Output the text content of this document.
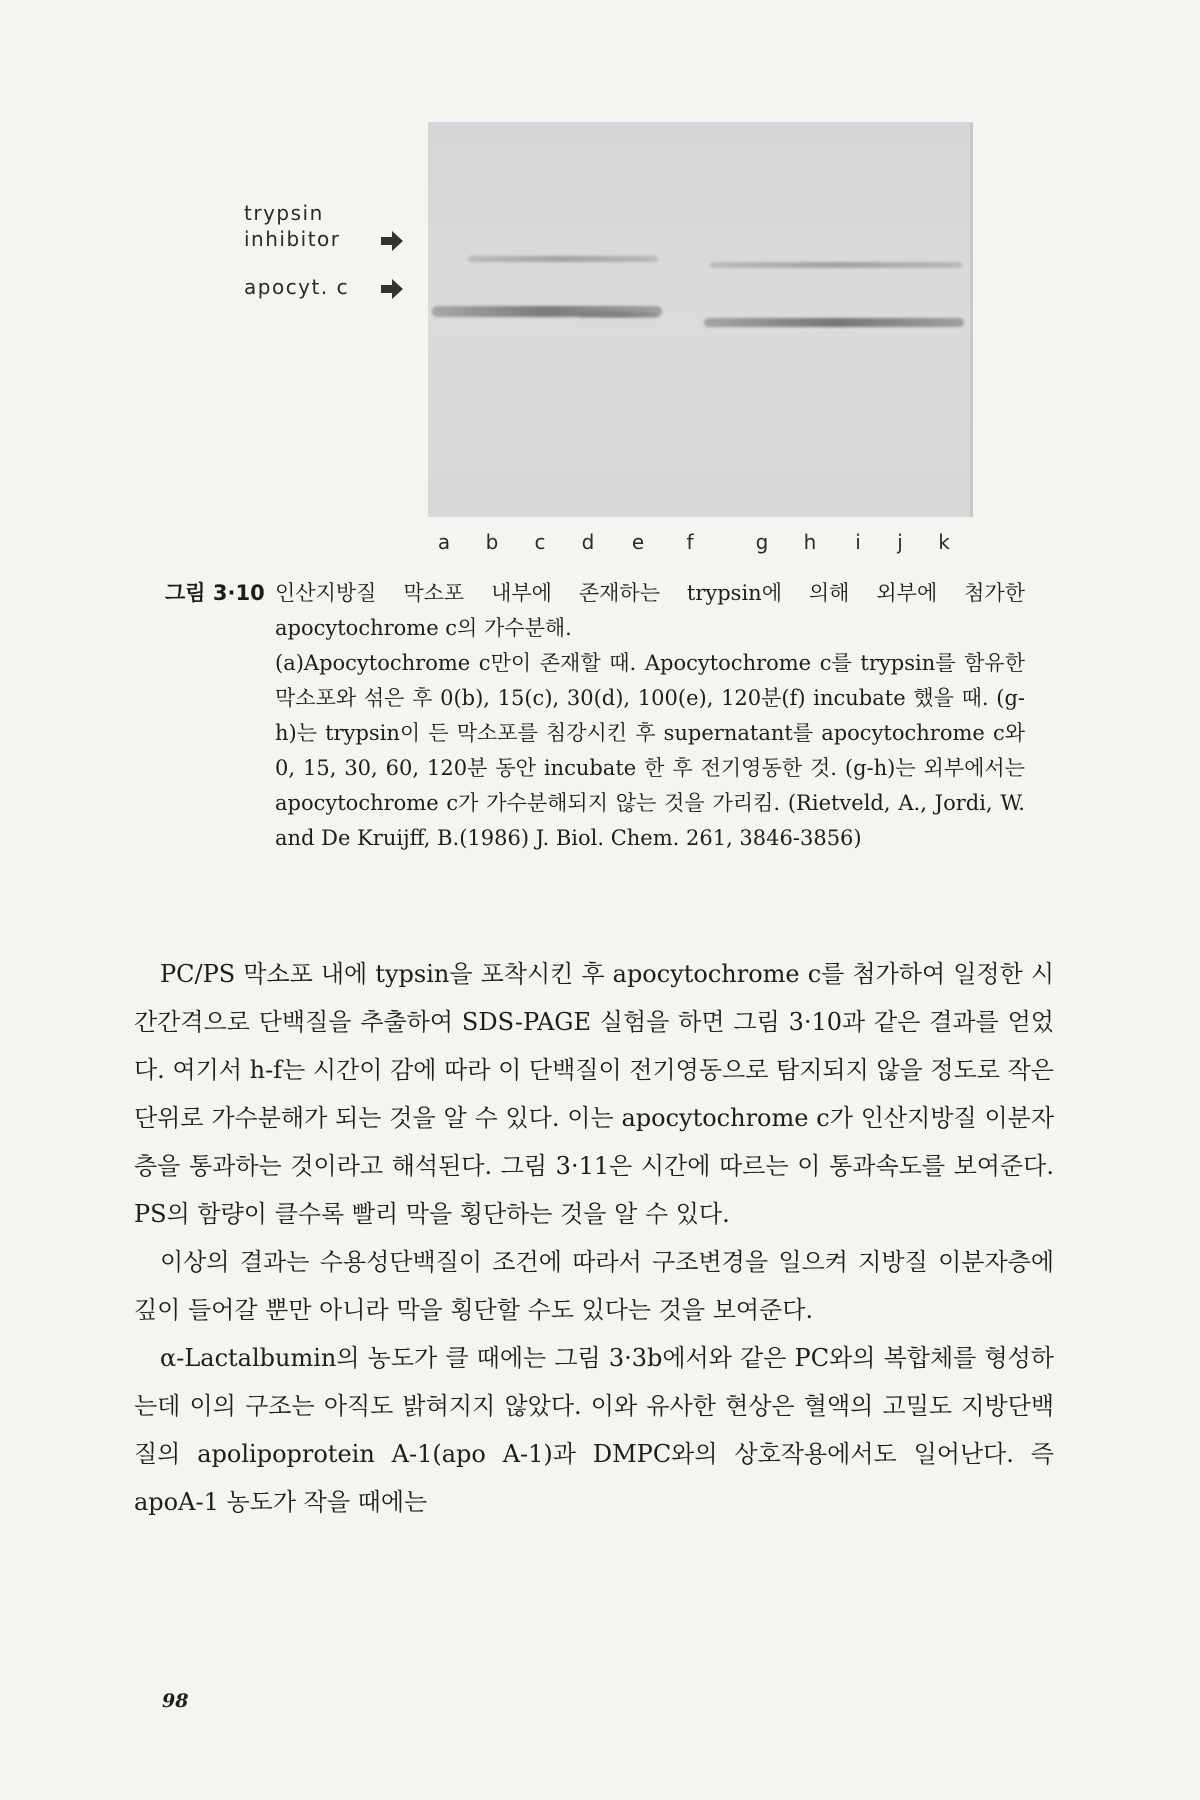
trypsin
inhibitor
apocyt. c
a b c d e	f	g h	i	j	k
그림 3·10 인산지방질 막소포 내부에 존재하는 trypsin에 의해 외부에 첨가한 apocytochrome c의 가수분해.
(a)Apocytochrome c만이 존재할 때. Apocytochrome c를 trypsin를 함유한 막소포와 섞은 후 0(b), 15(c), 30(d), 100(e), 120분(f) incubate 했을 때. (g-h)는 trypsin이 든 막소포를 침강시킨 후 supernatant를 apocytochrome c와 0, 15, 30, 60, 120분 동안 incubate 한 후 전기영동한 것. (g-h)는 외부에서는 apocytochrome c가 가수분해되지 않는 것을 가리킴. (Rietveld, A., Jordi, W. and De Kruijff, B.(1986) J. Biol. Chem. 261, 3846-3856)

PC/PS 막소포 내에 typsin을 포착시킨 후 apocytochrome c를 첨가하여 일정한 시간간격으로 단백질을 추출하여 SDS-PAGE 실험을 하면 그림 3·10과 같은 결과를 얻었다. 여기서 h-f는 시간이 감에 따라 이 단백질이 전기영동으로 탐지되지 않을 정도로 작은 단위로 가수분해가 되는 것을 알 수 있다. 이는 apocytochrome c가 인산지방질 이분자층을 통과하는 것이라고 해석된다. 그림 3·11은 시간에 따르는 이 통과속도를 보여준다. PS의 함량이 클수록 빨리 막을 횡단하는 것을 알 수 있다.

이상의 결과는 수용성단백질이 조건에 따라서 구조변경을 일으켜 지방질 이분자층에 깊이 들어갈 뿐만 아니라 막을 횡단할 수도 있다는 것을 보여준다.

α-Lactalbumin의 농도가 클 때에는 그림 3·3b에서와 같은 PC와의 복합체를 형성하는데 이의 구조는 아직도 밝혀지지 않았다. 이와 유사한 현상은 혈액의 고밀도 지방단백질의 apolipoprotein A-1(apo A-1)과 DMPC와의 상호작용에서도 일어난다. 즉 apoA-1 농도가 작을 때에는

98
